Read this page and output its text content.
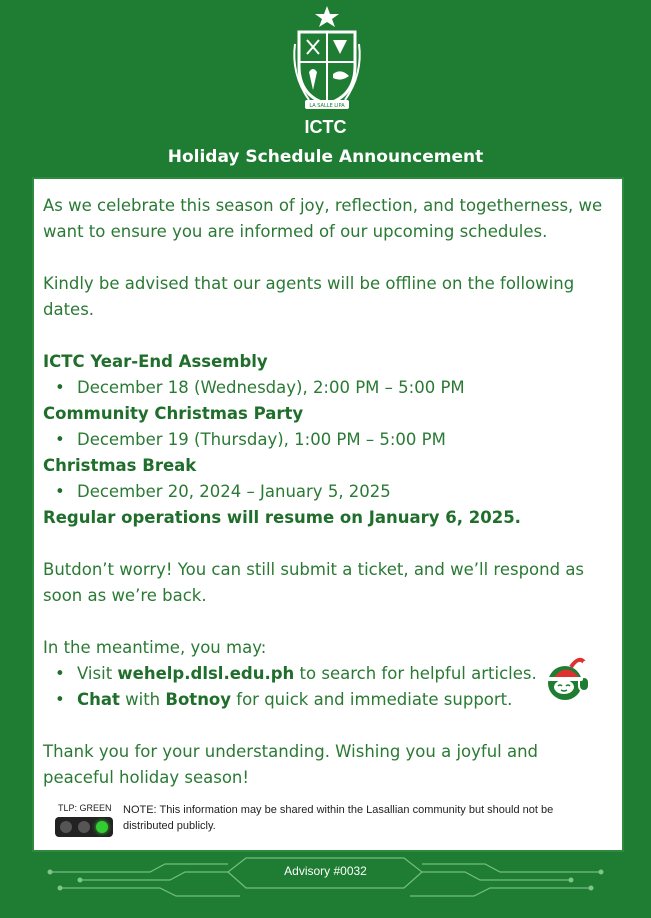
LA SALLE LIPA
ICTC
Holiday Schedule Announcement

As we celebrate this season of joy, reflection, and togetherness, we want to ensure you are informed of our upcoming schedules.

Kindly be advised that our agents will be offline on the following dates.

ICTC Year-End Assembly

• December 18 (Wednesday), 2:00 PM – 5:00 PM

Community Christmas Party

• December 19 (Thursday), 1:00 PM – 5:00 PM

Christmas Break

• December 20, 2024 – January 5, 2025

Regular operations will resume on January 6, 2025.

Butdon’t worry! You can still submit a ticket, and we’ll respond as soon as we’re back.

In the meantime, you may:

• Visit wehelp.dlsl.edu.ph to search for helpful articles.
• Chat with Botnoy for quick and immediate support.

Thank you for your understanding. Wishing you a joyful and peaceful holiday season!

TLP: GREEN	NOTE: This information may be shared within the Lasallian community but should not be distributed publicly.
Advisory #0032
